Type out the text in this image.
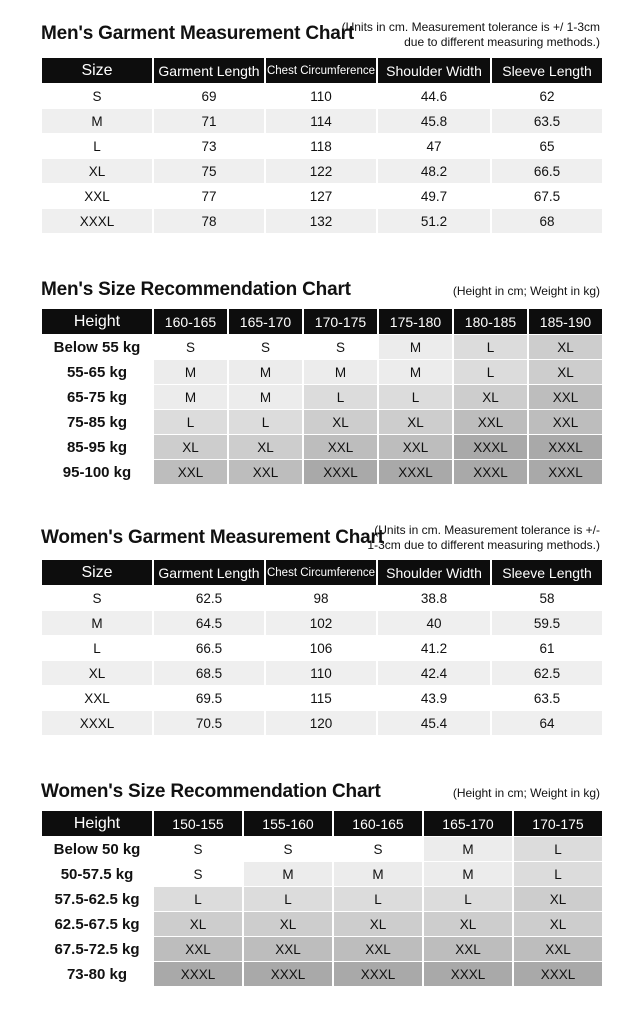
Men's Garment Measurement Chart
(Units in cm. Measurement tolerance is +/ 1-3cm
due to different measuring methods.)
Size	Garment Length	Chest Circumference	Shoulder Width	Sleeve Length
S	69	110	44.6	62
M	71	114	45.8	63.5
L	73	118	47	65
XL	75	122	48.2	66.5
XXL	77	127	49.7	67.5
XXXL	78	132	51.2	68
Men's Size Recommendation Chart	(Height in cm; Weight in kg)
Height	160-165	165-170	170-175	175-180	180-185	185-190
Below 55 kg	S	S	S	M	L	XL
55-65 kg	M	M	M	M	L	XL
65-75 kg	M	M	L	L	XL	XXL
75-85 kg	L	L	XL	XL	XXL	XXL
85-95 kg	XL	XL	XXL	XXL	XXXL	XXXL
95-100 kg	XXL	XXL	XXXL	XXXL	XXXL	XXXL
Women's Garment Measurement Chart
(Units in cm. Measurement tolerance is +/-
1-3cm due to different measuring methods.)
Size	Garment Length	Chest Circumference	Shoulder Width	Sleeve Length
S	62.5	98	38.8	58
M	64.5	102	40	59.5
L	66.5	106	41.2	61
XL	68.5	110	42.4	62.5
XXL	69.5	115	43.9	63.5
XXXL	70.5	120	45.4	64
Women's Size Recommendation Chart	(Height in cm; Weight in kg)
Height	150-155	155-160	160-165	165-170	170-175
Below 50 kg	S	S	S	M	L
50-57.5 kg	S	M	M	M	L
57.5-62.5 kg	L	L	L	L	XL
62.5-67.5 kg	XL	XL	XL	XL	XL
67.5-72.5 kg	XXL	XXL	XXL	XXL	XXL
73-80 kg	XXXL	XXXL	XXXL	XXXL	XXXL
